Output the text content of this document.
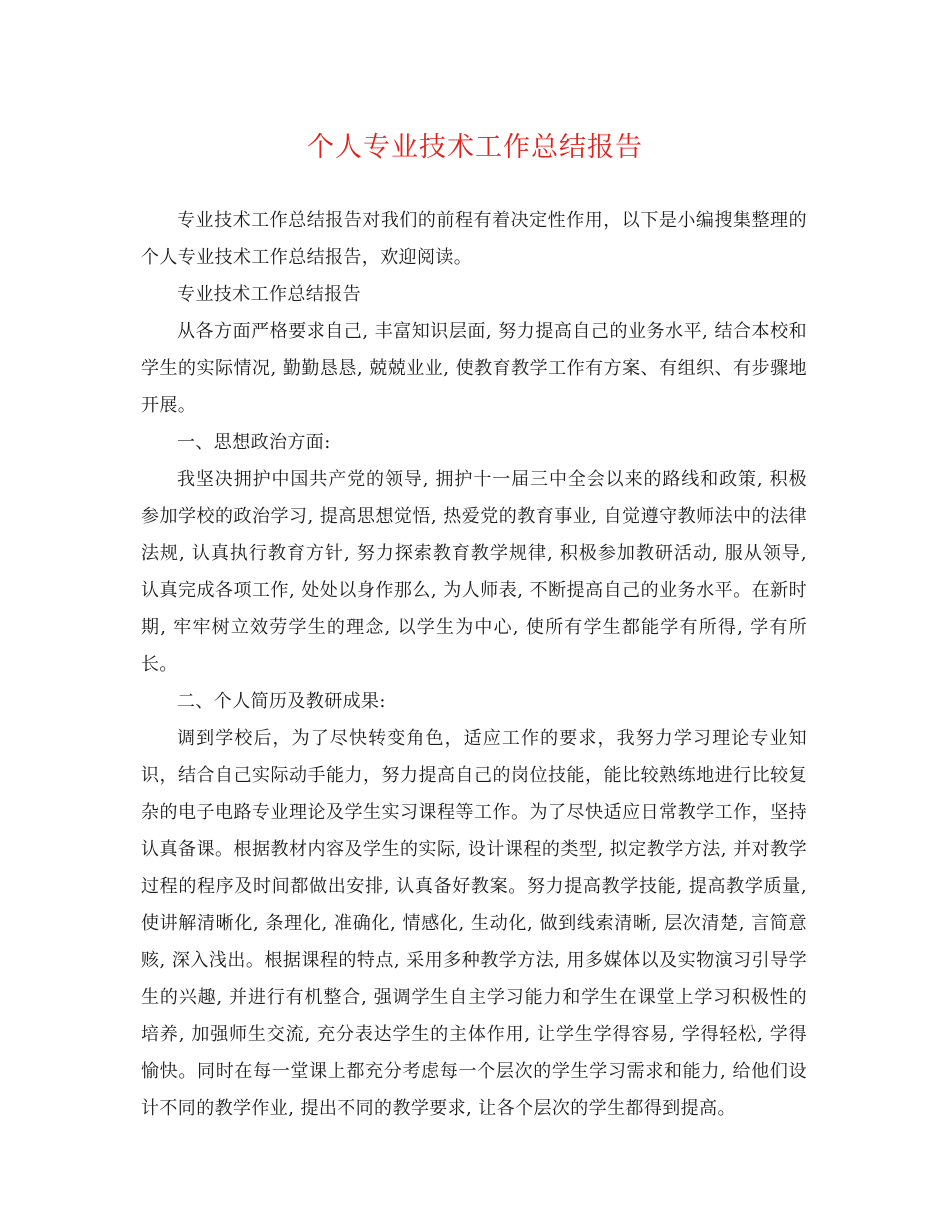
个人专业技术工作总结报告

专业技术工作总结报告对我们的前程有着决定性作用，以下是小编搜集整理的个人专业技术工作总结报告，欢迎阅读。

专业技术工作总结报告

从各方面严格要求自己, 丰富知识层面, 努力提高自己的业务水平, 结合本校和学生的实际情况, 勤勤恳恳, 兢兢业业, 使教育教学工作有方案、有组织、有步骤地开展。

一、思想政治方面:

我坚决拥护中国共产党的领导, 拥护十一届三中全会以来的路线和政策, 积极参加学校的政治学习, 提高思想觉悟, 热爱党的教育事业, 自觉遵守教师法中的法律法规, 认真执行教育方针, 努力探索教育教学规律, 积极参加教研活动, 服从领导, 认真完成各项工作, 处处以身作那么, 为人师表, 不断提高自己的业务水平。在新时期, 牢牢树立效劳学生的理念, 以学生为中心, 使所有学生都能学有所得, 学有所长。

二、个人简历及教研成果:

调到学校后，为了尽快转变角色，适应工作的要求，我努力学习理论专业知识，结合自己实际动手能力，努力提高自己的岗位技能，能比较熟练地进行比较复杂的电子电路专业理论及学生实习课程等工作。为了尽快适应日常教学工作，坚持认真备课。根据教材内容及学生的实际, 设计课程的类型, 拟定教学方法, 并对教学过程的程序及时间都做出安排, 认真备好教案。努力提高教学技能, 提高教学质量, 使讲解清晰化, 条理化, 准确化, 情感化, 生动化, 做到线索清晰, 层次清楚, 言简意赅, 深入浅出。根据课程的特点, 采用多种教学方法, 用多媒体以及实物演习引导学生的兴趣, 并进行有机整合, 强调学生自主学习能力和学生在课堂上学习积极性的培养, 加强师生交流, 充分表达学生的主体作用, 让学生学得容易, 学得轻松, 学得愉快。同时在每一堂课上都充分考虑每一个层次的学生学习需求和能力, 给他们设计不同的教学作业, 提出不同的教学要求, 让各个层次的学生都得到提高。
